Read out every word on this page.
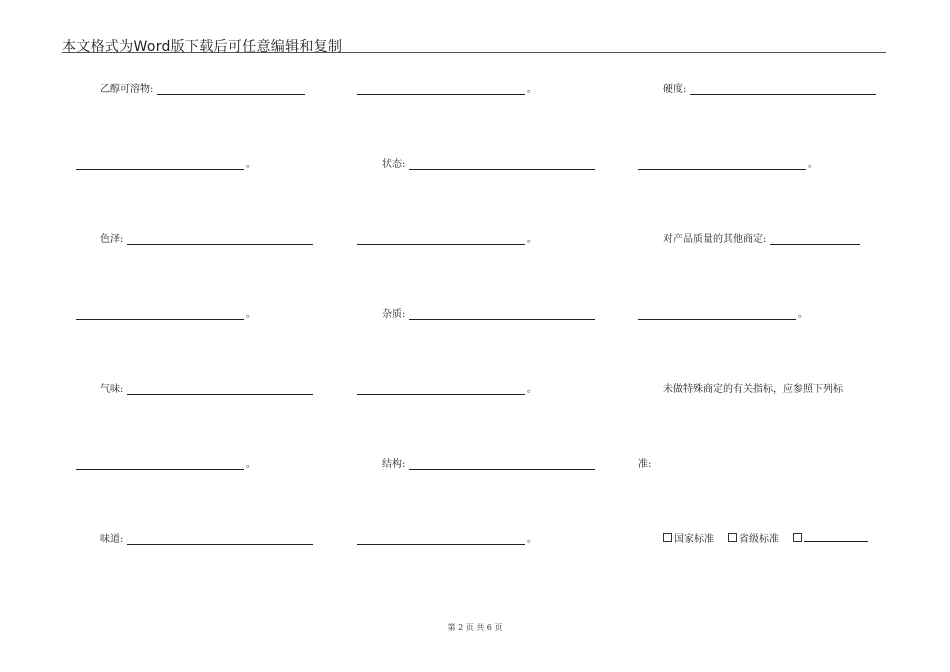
本文格式为Word版下载后可任意编辑和复制
乙醇可溶物:	。	硬度:
。	状态:	。
色泽:	。	对产品质量的其他商定:
。	杂质:	。
气味:	。	未做特殊商定的有关指标，应参照下列标
。	结构:	准:
味道:	。	国家标准	省级标准
第 2 页 共 6 页
